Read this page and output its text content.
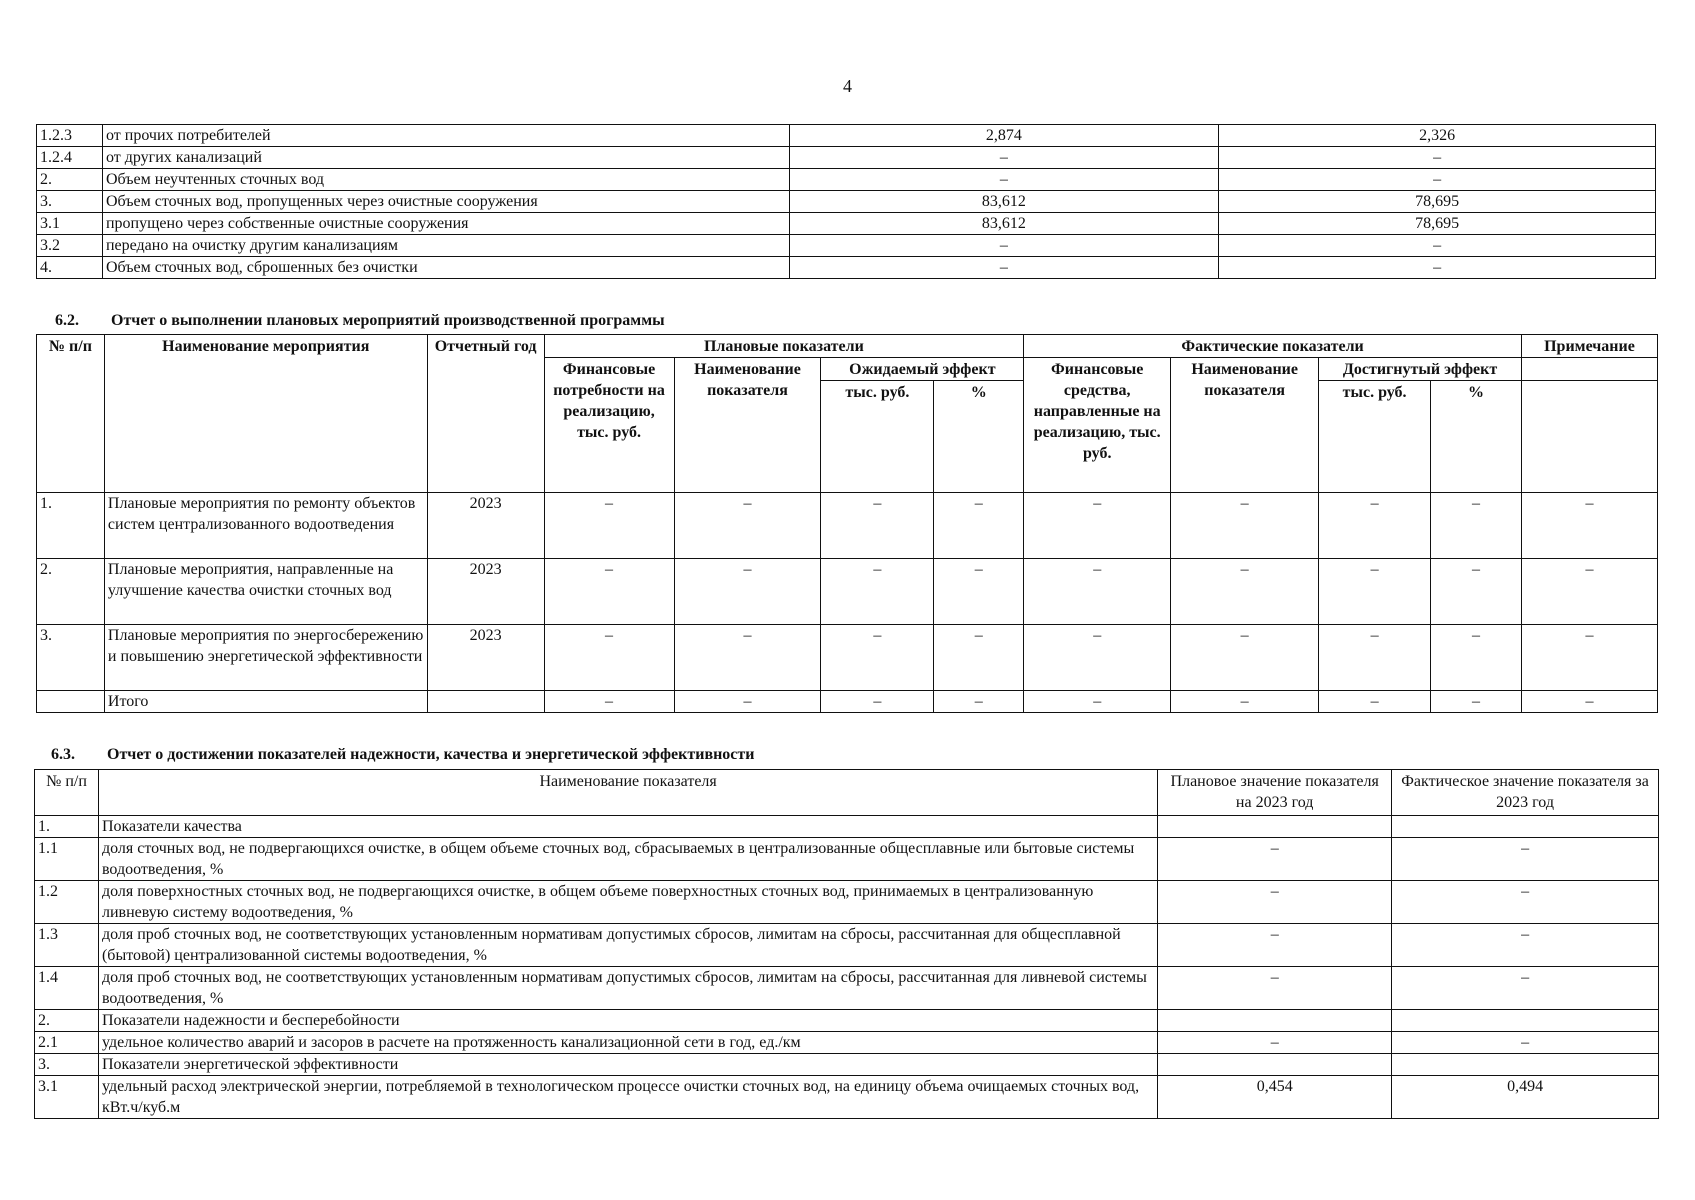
4
1.2.3	от прочих потребителей	2,874	2,326
1.2.4	от других канализаций	–	–
2.	Объем неучтенных сточных вод	–	–
3.	Объем сточных вод, пропущенных через очистные сооружения	83,612	78,695
3.1	пропущено через собственные очистные сооружения	83,612	78,695
3.2	передано на очистку другим канализациям	–	–
4.	Объем сточных вод, сброшенных без очистки	–	–
6.2. Отчет о выполнении плановых мероприятий производственной программы
№ п/п	Наименование мероприятия	Отчетный год	Плановые показатели				Фактические показатели				Примечание
			Финансовые потребности на реализацию, тыс. руб.	Наименование показателя	Ожидаемый эффект		Финансовые средства, направленные на реализацию, тыс. руб.	Наименование показателя	Достигнутый эффект		
					тыс. руб.	%			тыс. руб.	%	
1.	Плановые мероприятия по ремонту объектов систем централизованного водоотведения	2023	–	–	–	–	–	–	–	–	–
2.	Плановые мероприятия, направленные на улучшение качества очистки сточных вод	2023	–	–	–	–	–	–	–	–	–
3.	Плановые мероприятия по энергосбережению и повышению энергетической эффективности	2023	–	–	–	–	–	–	–	–	–
	Итого		–	–	–	–	–	–	–	–	–
6.3. Отчет о достижении показателей надежности, качества и энергетической эффективности
№ п/п	Наименование показателя	Плановое значение показателя на 2023 год	Фактическое значение показателя за 2023 год
1.	Показатели качества		
1.1	доля сточных вод, не подвергающихся очистке, в общем объеме сточных вод, сбрасываемых в централизованные общесплавные или бытовые системы водоотведения, %	–	–
1.2	доля поверхностных сточных вод, не подвергающихся очистке, в общем объеме поверхностных сточных вод, принимаемых в централизованную ливневую систему водоотведения, %	–	–
1.3	доля проб сточных вод, не соответствующих установленным нормативам допустимых сбросов, лимитам на сбросы, рассчитанная для общесплавной (бытовой) централизованной системы водоотведения, %	–	–
1.4	доля проб сточных вод, не соответствующих установленным нормативам допустимых сбросов, лимитам на сбросы, рассчитанная для ливневой системы водоотведения, %	–	–
2.	Показатели надежности и бесперебойности		
2.1	удельное количество аварий и засоров в расчете на протяженность канализационной сети в год, ед./км	–	–
3.	Показатели энергетической эффективности		
3.1	удельный расход электрической энергии, потребляемой в технологическом процессе очистки сточных вод, на единицу объема очищаемых сточных вод, кВт.ч/куб.м	0,454	0,494
